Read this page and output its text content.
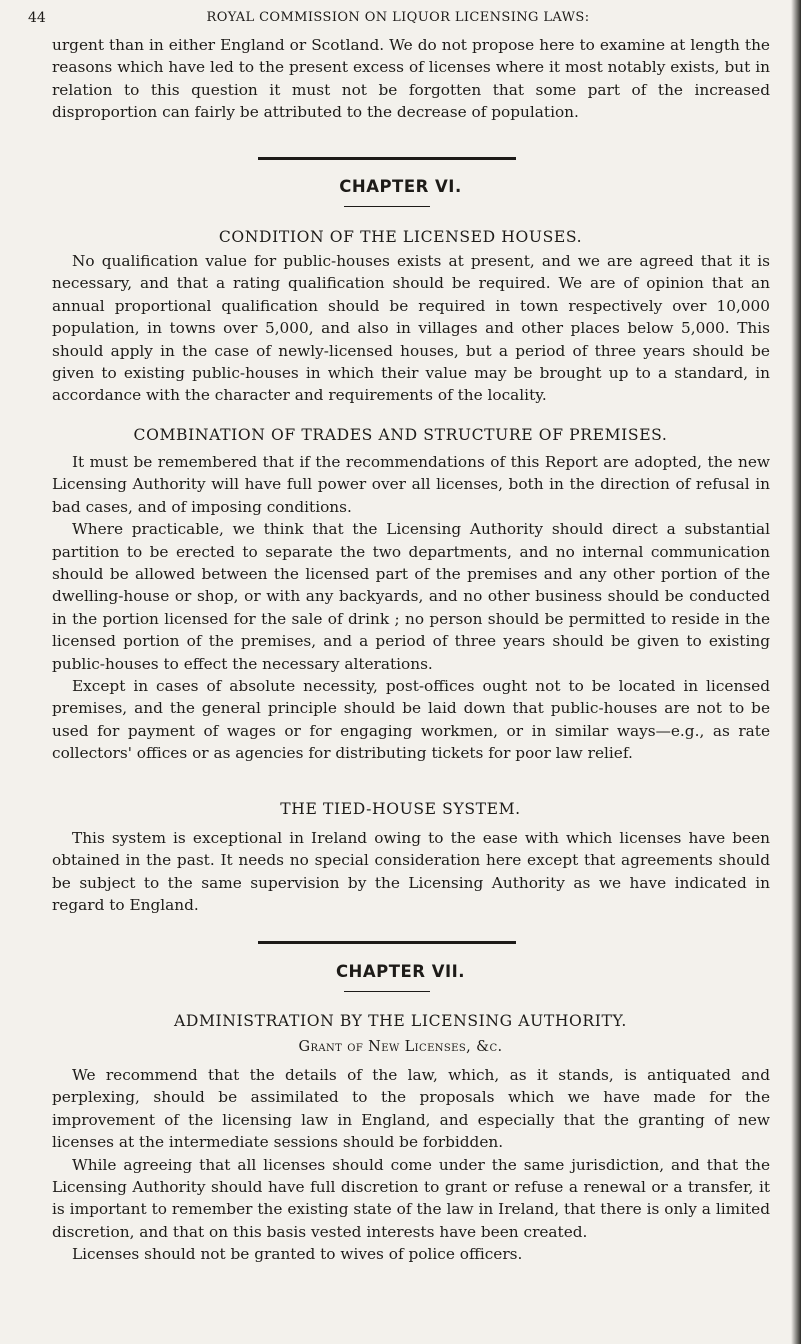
44	ROYAL COMMISSION ON LIQUOR LICENSING LAWS:

urgent than in either England or Scotland. We do not propose here to examine at length the reasons which have led to the present excess of licenses where it most notably exists, but in relation to this question it must not be forgotten that some part of the increased disproportion can fairly be attributed to the decrease of population.

CHAPTER VI.
CONDITION OF THE LICENSED HOUSES.

No qualification value for public-houses exists at present, and we are agreed that it is necessary, and that a rating qualification should be required. We are of opinion that an annual proportional qualification should be required in town respectively over 10,000 population, in towns over 5,000, and also in villages and other places below 5,000. This should apply in the case of newly-licensed houses, but a period of three years should be given to existing public-houses in which their value may be brought up to a standard, in accordance with the character and requirements of the locality.

COMBINATION OF TRADES AND STRUCTURE OF PREMISES.

It must be remembered that if the recommendations of this Report are adopted, the new Licensing Authority will have full power over all licenses, both in the direction of refusal in bad cases, and of imposing conditions.

Where practicable, we think that the Licensing Authority should direct a substantial partition to be erected to separate the two departments, and no internal communication should be allowed between the licensed part of the premises and any other portion of the dwelling-house or shop, or with any backyards, and no other business should be conducted in the portion licensed for the sale of drink ; no person should be permitted to reside in the licensed portion of the premises, and a period of three years should be given to existing public-houses to effect the necessary alterations.

Except in cases of absolute necessity, post-offices ought not to be located in licensed premises, and the general principle should be laid down that public-houses are not to be used for payment of wages or for engaging workmen, or in similar ways—e.g., as rate collectors' offices or as agencies for distributing tickets for poor law relief.

THE TIED-HOUSE SYSTEM.

This system is exceptional in Ireland owing to the ease with which licenses have been obtained in the past. It needs no special consideration here except that agreements should be subject to the same supervision by the Licensing Authority as we have indicated in regard to England.

CHAPTER VII.
ADMINISTRATION BY THE LICENSING AUTHORITY.
Grant of New Licenses, &c.

We recommend that the details of the law, which, as it stands, is antiquated and perplexing, should be assimilated to the proposals which we have made for the improvement of the licensing law in England, and especially that the granting of new licenses at the intermediate sessions should be forbidden.

While agreeing that all licenses should come under the same jurisdiction, and that the Licensing Authority should have full discretion to grant or refuse a renewal or a transfer, it is important to remember the existing state of the law in Ireland, that there is only a limited discretion, and that on this basis vested interests have been created.

Licenses should not be granted to wives of police officers.
